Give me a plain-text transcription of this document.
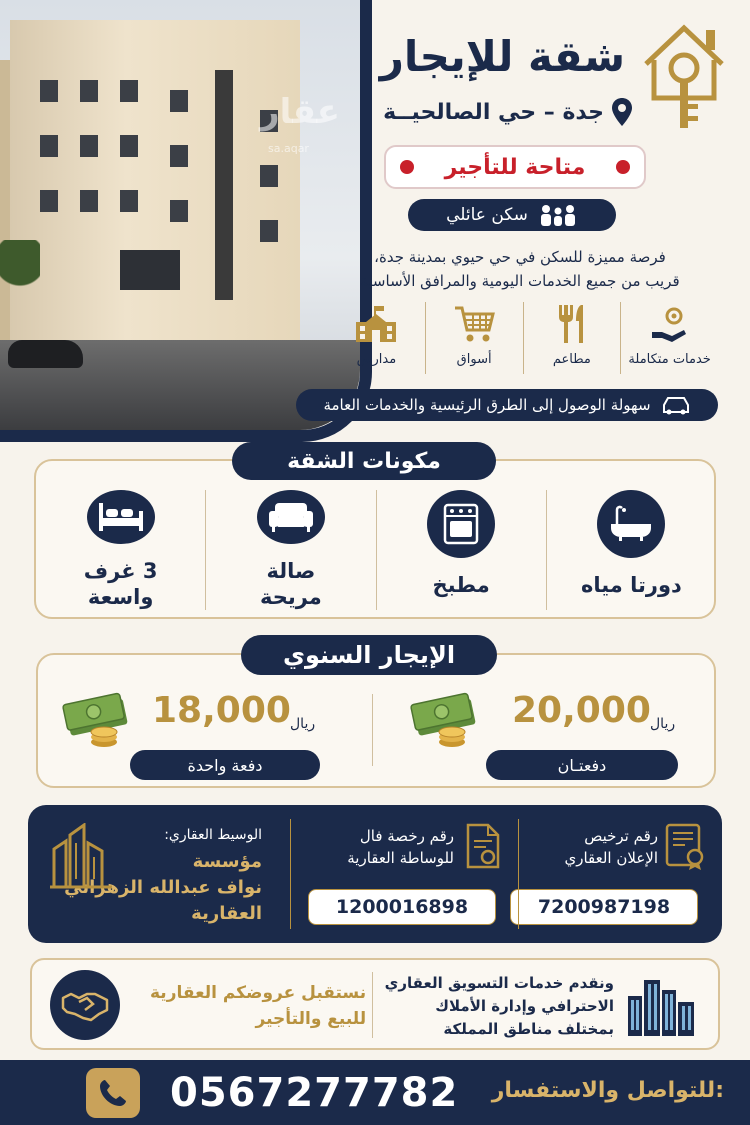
عقار
sa.aqar
شقة للإيجار
جدة – حي الصالحيــة
متاحة للتأجير
سكن عائلي
فرصة مميزة للسكن في حي حيوي بمدينة جدة،
قريب من جميع الخدمات اليومية والمرافق الأساسية
خدمات متكاملة
مطاعم
أسواق
مدارس
سهولة الوصول إلى الطرق الرئيسية والخدمات العامة
مكونات الشقة
دورتا مياه
مطبخ
صالة
مريحة
3 غرف
واسعة
الإيجار السنوي
20,000 ريال
دفعتـان
18,000 ريال
دفعة واحدة
رقم ترخيص
الإعلان العقاري
7200987198
رقم رخصة فال
للوساطة العقارية
1200016898
الوسيط العقاري:
مؤسسة
نواف عبدالله الزهراني
العقارية
ونقدم خدمات التسويق العقاري
الاحترافي وإدارة الأملاك
بمختلف مناطق المملكة
نستقبل عروضكم العقارية
للبيع والتأجير
للتواصل والاستفسار:
0567277782
